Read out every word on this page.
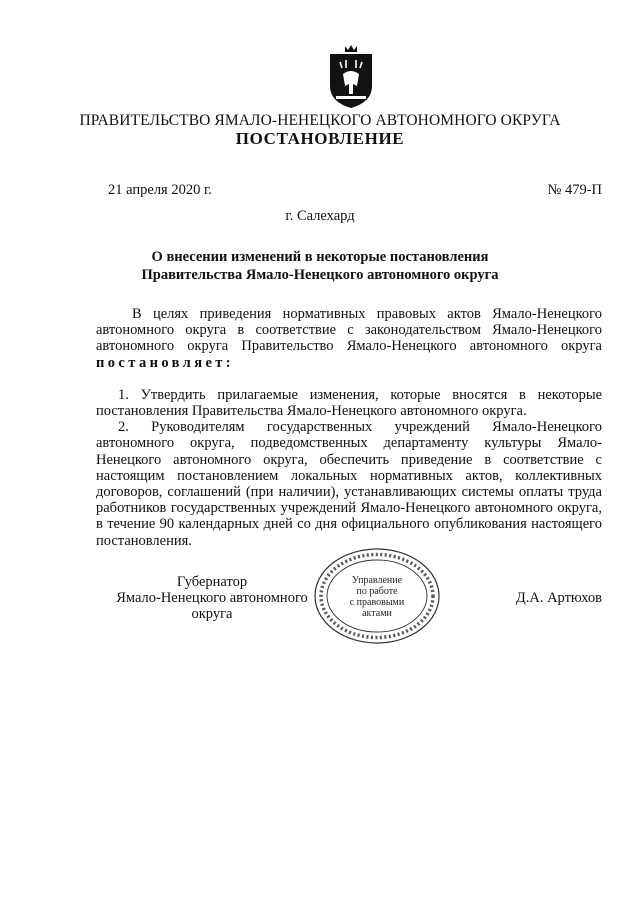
ПРАВИТЕЛЬСТВО ЯМАЛО-НЕНЕЦКОГО АВТОНОМНОГО ОКРУГА
ПОСТАНОВЛЕНИЕ
21 апреля 2020 г.	№ 479-П
г. Салехард
О внесении изменений в некоторые постановления
Правительства Ямало-Ненецкого автономного округа

В целях приведения нормативных правовых актов Ямало-Ненецкого автономного округа в соответствие с законодательством Ямало-Ненецкого автономного округа Правительство Ямало-Ненецкого автономного округа постановляет:

1. Утвердить прилагаемые изменения, которые вносятся в некоторые постановления Правительства Ямало-Ненецкого автономного округа.

2. Руководителям государственных учреждений Ямало-Ненецкого автономного округа, подведомственных департаменту культуры Ямало-Ненецкого автономного округа, обеспечить приведение в соответствие с настоящим постановлением локальных нормативных актов, коллективных договоров, соглашений (при наличии), устанавливающих системы оплаты труда работников государственных учреждений Ямало-Ненецкого автономного округа, в течение 90 календарных дней со дня официального опубликования настоящего постановления.

Губернатор
Ямало-Ненецкого автономного округа
Д.А. Артюхов
Управление
по работе
с правовыми
актами
